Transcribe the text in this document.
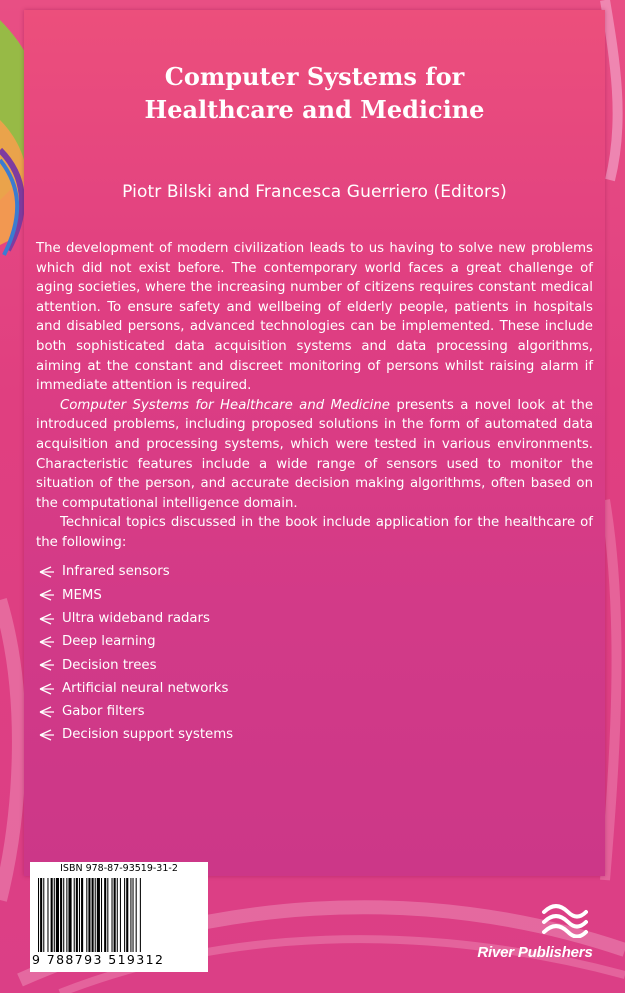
Computer Systems for
Healthcare and Medicine
Piotr Bilski and Francesca Guerriero (Editors)

The development of modern civilization leads to us having to solve new problems which did not exist before. The contemporary world faces a great challenge of aging societies, where the increasing number of citizens requires constant medical attention. To ensure safety and wellbeing of elderly people, patients in hospitals and disabled persons, advanced technologies can be implemented. These include both sophisticated data acquisition systems and data processing algorithms, aiming at the constant and discreet monitoring of persons whilst raising alarm if immediate attention is required.

Computer Systems for Healthcare and Medicine presents a novel look at the introduced problems, including proposed solutions in the form of automated data acquisition and processing systems, which were tested in various environments. Characteristic features include a wide range of sensors used to monitor the situation of the person, and accurate decision making algorithms, often based on the computational intelligence domain.

Technical topics discussed in the book include application for the healthcare of the following:

Infrared sensors
MEMS
Ultra wideband radars
Deep learning
Decision trees
Artificial neural networks
Gabor filters
Decision support systems
ISBN 978-87-93519-31-2
9 788793 519312	River Publishers
